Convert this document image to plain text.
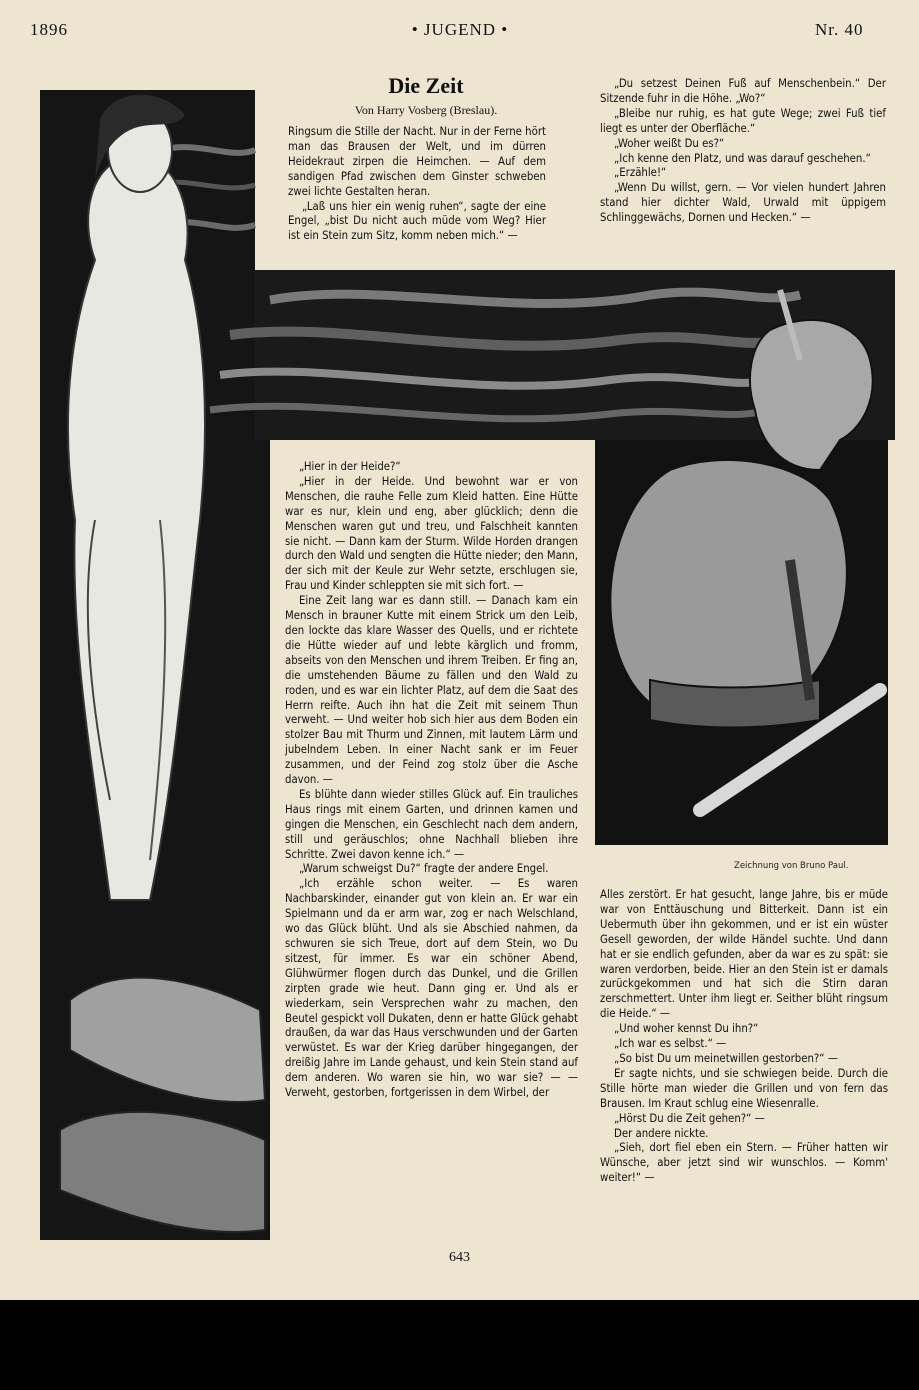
1896	• JUGEND •	Nr. 40
Die Zeit
Von Harry Vosberg (Breslau).

Ringsum die Stille der Nacht. Nur in der Ferne hört man das Brausen der Welt, und im dürren Heidekraut zirpen die Heimchen. — Auf dem sandigen Pfad zwischen dem Ginster schweben zwei lichte Gestalten heran.

„Laß uns hier ein wenig ruhen“, sagte der eine Engel, „bist Du nicht auch müde vom Weg? Hier ist ein Stein zum Sitz, komm neben mich.“ —

„Du setzest Deinen Fuß auf Menschenbein.“ Der Sitzende fuhr in die Höhe. „Wo?“

„Bleibe nur ruhig, es hat gute Wege; zwei Fuß tief liegt es unter der Oberfläche.“

„Woher weißt Du es?“

„Ich kenne den Platz, und was darauf geschehen.“

„Erzähle!“

„Wenn Du willst, gern. — Vor vielen hundert Jahren stand hier dichter Wald, Urwald mit üppigem Schlinggewächs, Dornen und Hecken.“ —

„Hier in der Heide?“

„Hier in der Heide. Und bewohnt war er von Menschen, die rauhe Felle zum Kleid hatten. Eine Hütte war es nur, klein und eng, aber glücklich; denn die Menschen waren gut und treu, und Falschheit kannten sie nicht. — Dann kam der Sturm. Wilde Horden drangen durch den Wald und sengten die Hütte nieder; den Mann, der sich mit der Keule zur Wehr setzte, erschlugen sie, Frau und Kinder schleppten sie mit sich fort. —

Eine Zeit lang war es dann still. — Danach kam ein Mensch in brauner Kutte mit einem Strick um den Leib, den lockte das klare Wasser des Quells, und er richtete die Hütte wieder auf und lebte kärglich und fromm, abseits von den Menschen und ihrem Treiben. Er fing an, die umstehenden Bäume zu fällen und den Wald zu roden, und es war ein lichter Platz, auf dem die Saat des Herrn reifte. Auch ihn hat die Zeit mit seinem Thun verweht. — Und weiter hob sich hier aus dem Boden ein stolzer Bau mit Thurm und Zinnen, mit lautem Lärm und jubelndem Leben. In einer Nacht sank er im Feuer zusammen, und der Feind zog stolz über die Asche davon. —

Es blühte dann wieder stilles Glück auf. Ein trauliches Haus rings mit einem Garten, und drinnen kamen und gingen die Menschen, ein Geschlecht nach dem andern, still und geräuschlos; ohne Nachhall blieben ihre Schritte. Zwei davon kenne ich.“ —

„Warum schweigst Du?“ fragte der andere Engel.

„Ich erzähle schon weiter. — Es waren Nachbarskinder, einander gut von klein an. Er war ein Spielmann und da er arm war, zog er nach Welschland, wo das Glück blüht. Und als sie Abschied nahmen, da schwuren sie sich Treue, dort auf dem Stein, wo Du sitzest, für immer. Es war ein schöner Abend, Glühwürmer flogen durch das Dunkel, und die Grillen zirpten grade wie heut. Dann ging er. Und als er wiederkam, sein Versprechen wahr zu machen, den Beutel gespickt voll Dukaten, denn er hatte Glück gehabt draußen, da war das Haus verschwunden und der Garten verwüstet. Es war der Krieg darüber hingegangen, der dreißig Jahre im Lande gehaust, und kein Stein stand auf dem anderen. Wo waren sie hin, wo war sie? — — Verweht, gestorben, fortgerissen in dem Wirbel, der

Zeichnung von Bruno Paul.

Alles zerstört. Er hat gesucht, lange Jahre, bis er müde war von Enttäuschung und Bitterkeit. Dann ist ein Uebermuth über ihn gekommen, und er ist ein wüster Gesell geworden, der wilde Händel suchte. Und dann hat er sie endlich gefunden, aber da war es zu spät: sie waren verdorben, beide. Hier an den Stein ist er damals zurückgekommen und hat sich die Stirn daran zerschmettert. Unter ihm liegt er. Seither blüht ringsum die Heide.“ —

„Und woher kennst Du ihn?“

„Ich war es selbst.“ —

„So bist Du um meinetwillen gestorben?“ —

Er sagte nichts, und sie schwiegen beide. Durch die Stille hörte man wieder die Grillen und von fern das Brausen. Im Kraut schlug eine Wiesenralle.

„Hörst Du die Zeit gehen?“ —

Der andere nickte.

„Sieh, dort fiel eben ein Stern. — Früher hatten wir Wünsche, aber jetzt sind wir wunschlos. — Komm' weiter!“ —

643
